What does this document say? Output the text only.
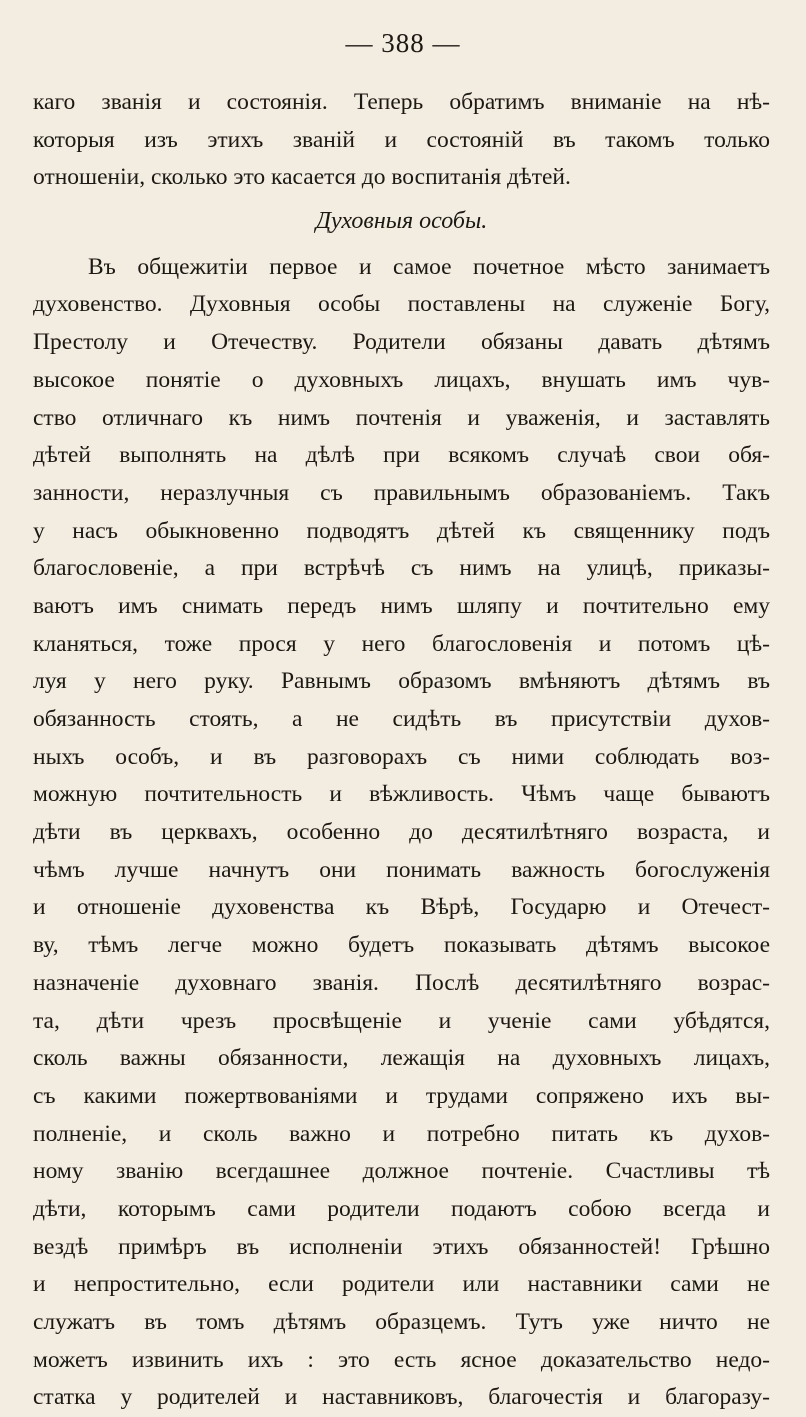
— 388 —
каго званія и состоянія. Теперь обратимъ вниманіе на нѣ-
которыя изъ этихъ званій и состояній въ такомъ только
отношеніи, сколько это касается до воспитанія дѣтей.
Духовныя особы.
Въ общежитіи первое и самое почетное мѣсто занимаетъ
духовенство. Духовныя особы поставлены на служеніе Богу,
Престолу и Отечеству. Родители обязаны давать дѣтямъ
высокое понятіе о духовныхъ лицахъ, внушать имъ чув-
ство отличнаго къ нимъ почтенія и уваженія, и заставлять
дѣтей выполнять на дѣлѣ при всякомъ случаѣ свои обя-
занности, неразлучныя съ правильнымъ образованіемъ. Такъ
у насъ обыкновенно подводятъ дѣтей къ священнику подъ
благословеніе, а при встрѣчѣ съ нимъ на улицѣ, приказы-
ваютъ имъ снимать передъ нимъ шляпу и почтительно ему
кланяться, тоже прося у него благословенія и потомъ цѣ-
луя у него руку. Равнымъ образомъ вмѣняютъ дѣтямъ въ
обязанность стоять, а не сидѣть въ присутствіи духов-
ныхъ особъ, и въ разговорахъ съ ними соблюдать воз-
можную почтительность и вѣжливость. Чѣмъ чаще бываютъ
дѣти въ церквахъ, особенно до десятилѣтняго возраста, и
чѣмъ лучше начнутъ они понимать важность богослуженія
и отношеніе духовенства къ Вѣрѣ, Государю и Отечест-
ву, тѣмъ легче можно будетъ показывать дѣтямъ высокое
назначеніе духовнаго званія. Послѣ десятилѣтняго возрас-
та, дѣти чрезъ просвѣщеніе и ученіе сами убѣдятся,
сколь важны обязанности, лежащія на духовныхъ лицахъ,
съ какими пожертвованіями и трудами сопряжено ихъ вы-
полненіе, и сколь важно и потребно питать къ духов-
ному званію всегдашнее должное почтеніе. Счастливы тѣ
дѣти, которымъ сами родители подаютъ собою всегда и
вездѣ примѣръ въ исполненіи этихъ обязанностей! Грѣшно
и непростительно, если родители или наставники сами не
служатъ въ томъ дѣтямъ образцемъ. Тутъ уже ничто не
можетъ извинить ихъ : это есть ясное доказательство недо-
статка у родителей и наставниковъ, благочестія и благоразу-
